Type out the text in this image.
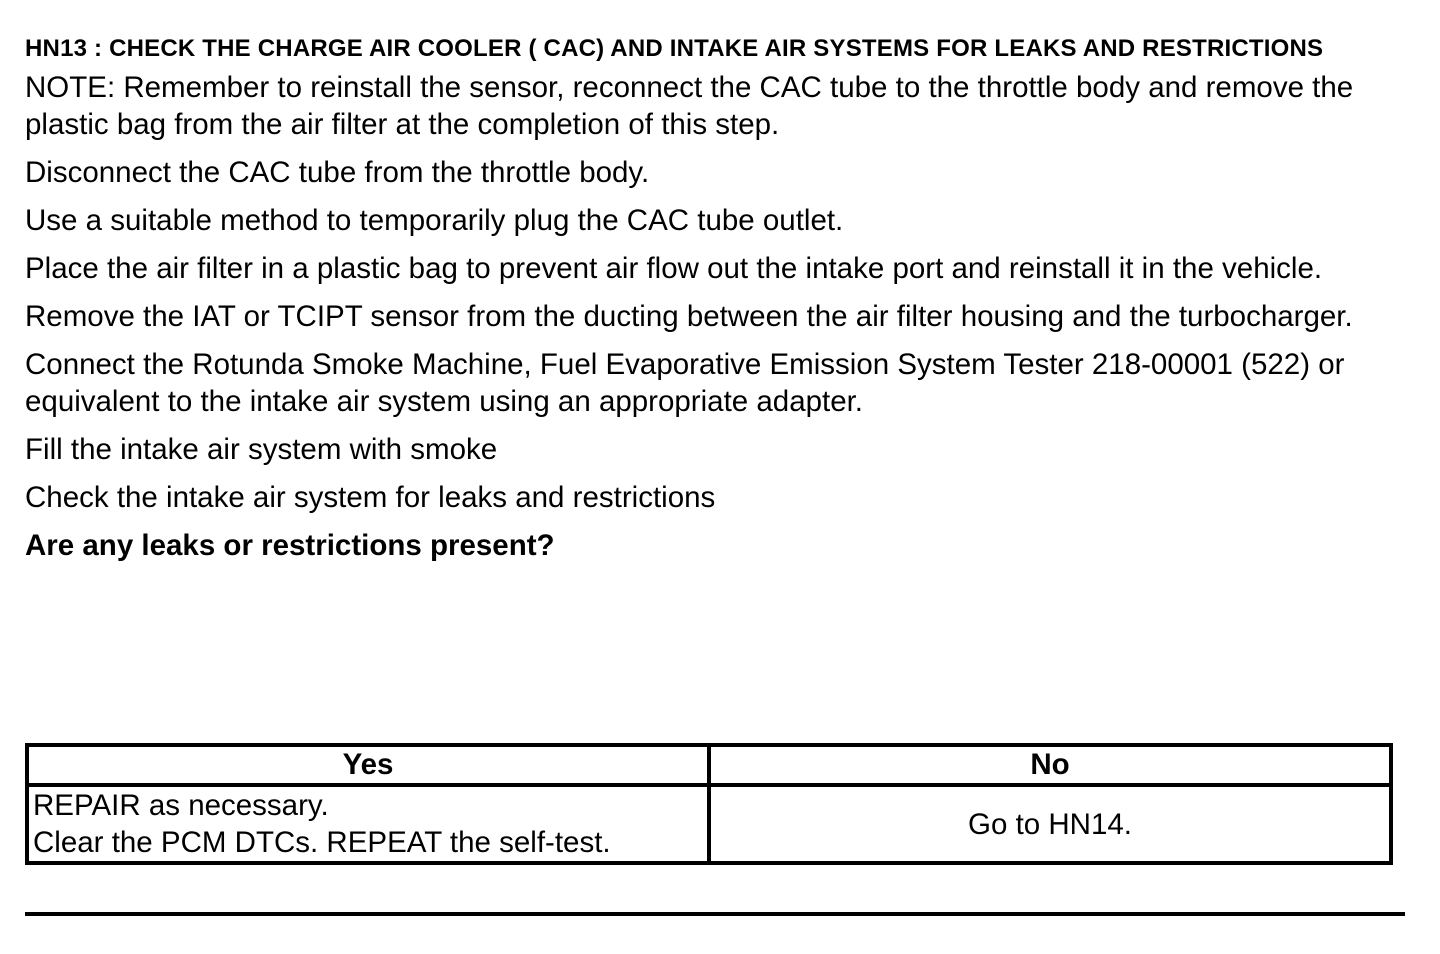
HN13 : CHECK THE CHARGE AIR COOLER ( CAC) AND INTAKE AIR SYSTEMS FOR LEAKS AND RESTRICTIONS

NOTE: Remember to reinstall the sensor, reconnect the CAC tube to the throttle body and remove the plastic bag from the air filter at the completion of this step.

Disconnect the CAC tube from the throttle body.

Use a suitable method to temporarily plug the CAC tube outlet.

Place the air filter in a plastic bag to prevent air flow out the intake port and reinstall it in the vehicle.

Remove the IAT or TCIPT sensor from the ducting between the air filter housing and the turbocharger.

Connect the Rotunda Smoke Machine, Fuel Evaporative Emission System Tester 218-00001 (522) or equivalent to the intake air system using an appropriate adapter.

Fill the intake air system with smoke

Check the intake air system for leaks and restrictions

Are any leaks or restrictions present?

Yes	No

REPAIR as necessary.
Clear the PCM DTCs. REPEAT the self-test.	Go to HN14.
